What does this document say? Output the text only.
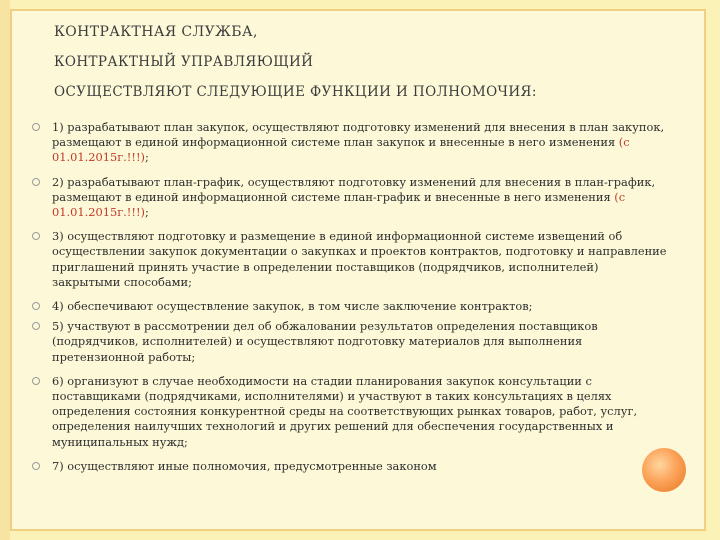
КОНТРАКТНАЯ СЛУЖБА,
КОНТРАКТНЫЙ УПРАВЛЯЮЩИЙ
ОСУЩЕСТВЛЯЮТ СЛЕДУЮЩИЕ ФУНКЦИИ И ПОЛНОМОЧИЯ:
1) разрабатывают план закупок, осуществляют подготовку изменений для внесения в план закупок, размещают в единой информационной системе план закупок и внесенные в него изменения (с 01.01.2015г.!!!);
2) разрабатывают план-график, осуществляют подготовку изменений для внесения в план-график, размещают в единой информационной системе план-график и внесенные в него изменения (с 01.01.2015г.!!!);
3) осуществляют подготовку и размещение в единой информационной системе извещений об осуществлении закупок документации о закупках и проектов контрактов, подготовку и направление приглашений принять участие в определении поставщиков (подрядчиков, исполнителей) закрытыми способами;
4) обеспечивают осуществление закупок, в том числе заключение контрактов;
5) участвуют в рассмотрении дел об обжаловании результатов определения поставщиков (подрядчиков, исполнителей) и осуществляют подготовку материалов для выполнения претензионной работы;
6) организуют в случае необходимости на стадии планирования закупок консультации с поставщиками (подрядчиками, исполнителями) и участвуют в таких консультациях в целях определения состояния конкурентной среды на соответствующих рынках товаров, работ, услуг, определения наилучших технологий и других решений для обеспечения государственных и муниципальных нужд;
7) осуществляют иные полномочия, предусмотренные законом
